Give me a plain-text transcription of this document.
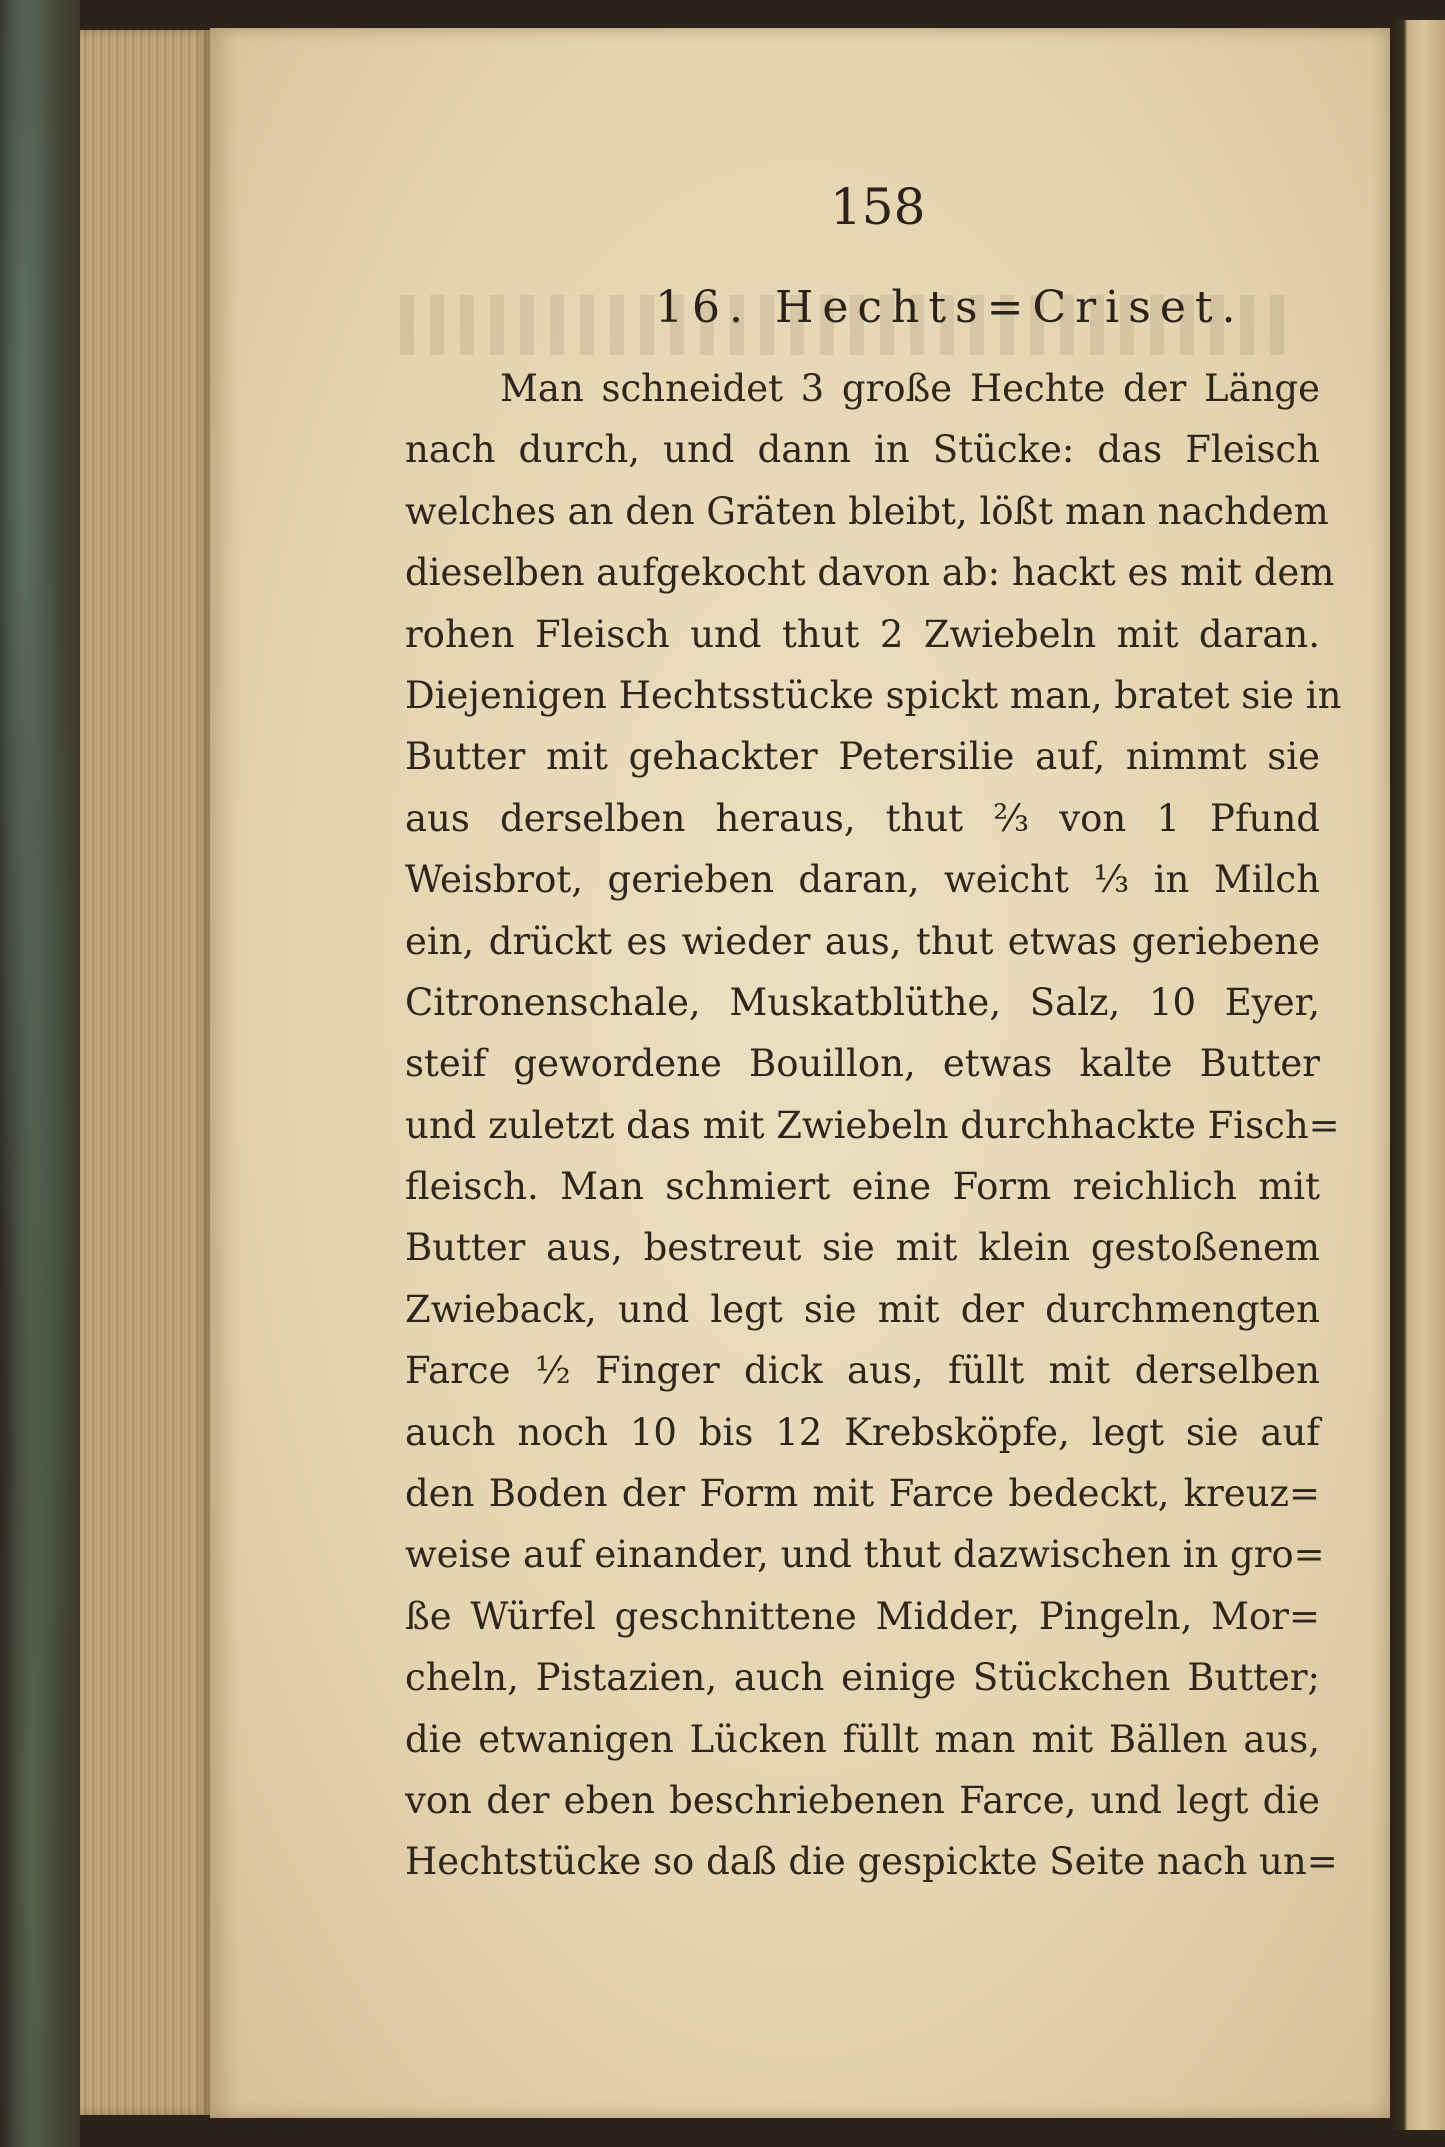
158
16. Hechts=Criset.
Man schneidet 3 große Hechte der Länge
nach durch, und dann in Stücke: das Fleisch
welches an den Gräten bleibt, lößt man nachdem
dieselben aufgekocht davon ab: hackt es mit dem
rohen Fleisch und thut 2 Zwiebeln mit daran.
Diejenigen Hechtsstücke spickt man, bratet sie in
Butter mit gehackter Petersilie auf, nimmt sie
aus derselben heraus, thut ⅔ von 1 Pfund
Weisbrot, gerieben daran, weicht ⅓ in Milch
ein, drückt es wieder aus, thut etwas geriebene
Citronenschale, Muskatblüthe, Salz, 10 Eyer,
steif gewordene Bouillon, etwas kalte Butter
und zuletzt das mit Zwiebeln durchhackte Fisch=
fleisch. Man schmiert eine Form reichlich mit
Butter aus, bestreut sie mit klein gestoßenem
Zwieback, und legt sie mit der durchmengten
Farce ½ Finger dick aus, füllt mit derselben
auch noch 10 bis 12 Krebsköpfe, legt sie auf
den Boden der Form mit Farce bedeckt, kreuz=
weise auf einander, und thut dazwischen in gro=
ße Würfel geschnittene Midder, Pingeln, Mor=
cheln, Pistazien, auch einige Stückchen Butter;
die etwanigen Lücken füllt man mit Bällen aus,
von der eben beschriebenen Farce, und legt die
Hechtstücke so daß die gespickte Seite nach un=
